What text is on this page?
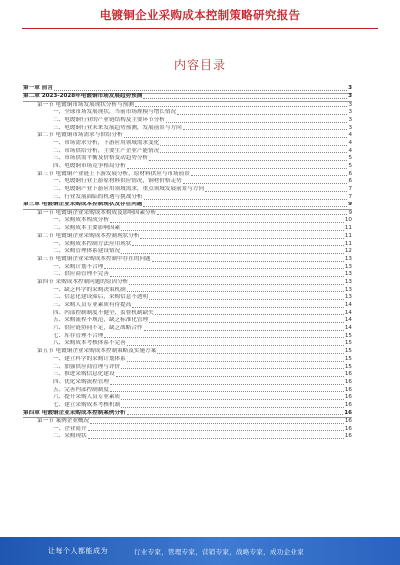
电镀铜企业采购成本控制策略研究报告
内容目录
第一章 前言	3
第二章 2023-2028年电镀铜市场发展趋势预测	3
第一节 电镀铜市场发展现状分析与预测	3
一、全球市场发展现状，当前市场规模与增长情况	3
二、电镀铜行业的产业链结构及主要环节分析	3
三、电镀铜行业未来发展趋势预测，发展前景与方向	3
第二节 电镀铜市场需求与供给分析	4
一、市场需求分析，下游应用领域需求变化	4
二、市场供给分析，主要生产企业产能情况	4
三、市场供需平衡及价格变动趋势分析	5
四、电镀铜市场竞争格局分析	5
第三节 电镀铜产业链上下游发展分析，原材料供应与市场前景	6
一、电镀铜行业上游原材料供应情况，铜材价格走势	6
二、电镀铜产业下游应用领域需求，重点领域发展前景与方向	7
三、行业发展面临的机遇与挑战分析	7
第三章 电镀铜企业采购成本控制现状及存在问题	9
第一节 电镀铜企业采购成本构成及影响因素分析	9
一、采购成本构成分析	10
二、采购成本主要影响因素	11
第二节 电镀铜企业采购成本控制现状分析	11
一、采购成本控制方法应用现状	11
二、采购管理体系建设情况	12
第三节 电镀铜企业采购成本控制中存在的问题	13
一、采购计划不合理	13
二、供应商管理不完善	13
第四节 采购成本控制问题的原因分析	13
一、缺乏科学的采购决策机制	13
二、信息化建设滞后，采购信息不透明	13
三、采购人员专业素质有待提高	14
四、内部控制制度不健全，监督机制缺失	14
五、采购流程不规范，缺乏标准化管理	14
六、供应链协同不足，缺乏战略合作	14
七、库存管理不合理	15
八、采购成本考核体系不完善	15
第五节 电镀铜企业采购成本控制策略及实施方案	15
一、建立科学的采购计划体系	15
二、加强供应商管理与评价	15
三、推进采购信息化建设	16
四、优化采购流程管理	16
五、完善内部控制制度	16
六、提升采购人员专业素质	16
七、建立采购成本考核机制	16
第四章 电镀铜企业采购成本控制案例分析	16
第一节 案例企业概况	16
一、企业简介	16
二、采购现状	16
让每个人都能成为	行业专家，管理专家，营销专家，战略专家，成功企业家
